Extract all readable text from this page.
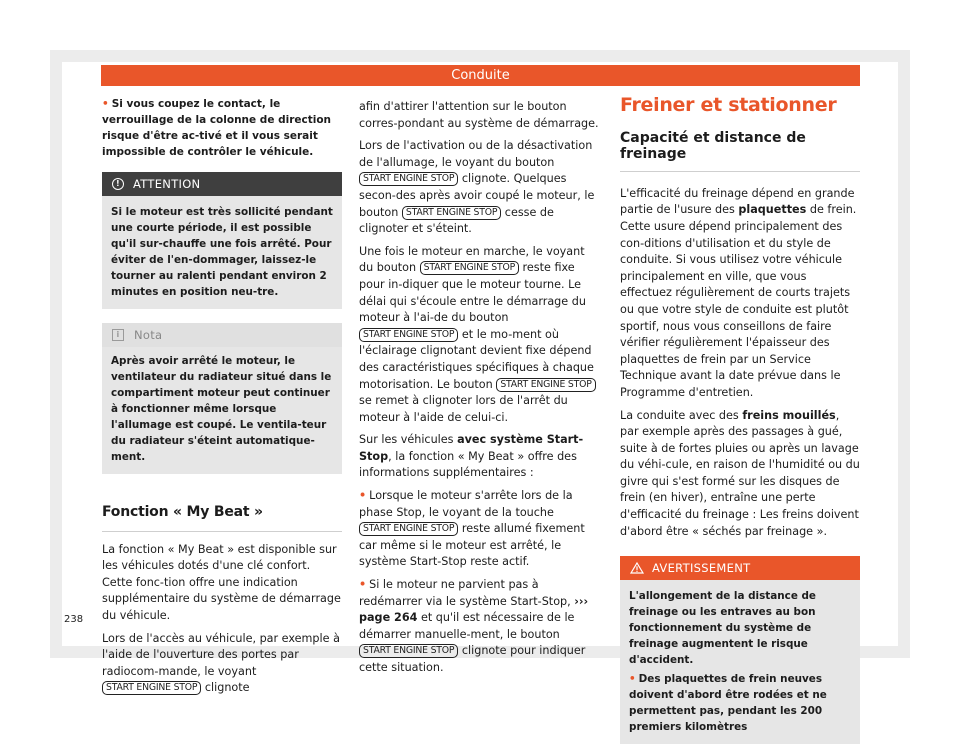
Conduite

• Si vous coupez le contact, le verrouillage de la colonne de direction risque d'être ac-tivé et il vous serait impossible de contrôler le véhicule.

!	ATTENTION
Si le moteur est très sollicité pendant une courte période, il est possible qu'il sur-chauffe une fois arrêté. Pour éviter de l'en-dommager, laissez-le tourner au ralenti pendant environ 2 minutes en position neu-tre.
i	Nota
Après avoir arrêté le moteur, le ventilateur du radiateur situé dans le compartiment moteur peut continuer à fonctionner même lorsque l'allumage est coupé. Le ventila-teur du radiateur s'éteint automatique-ment.
Fonction « My Beat »

La fonction « My Beat » est disponible sur les véhicules dotés d'une clé confort. Cette fonc-tion offre une indication supplémentaire du système de démarrage du véhicule.

Lors de l'accès au véhicule, par exemple à l'aide de l'ouverture des portes par radiocom-mande, le voyant START ENGINE STOP clignote

afin d'attirer l'attention sur le bouton corres-pondant au système de démarrage.

Lors de l'activation ou de la désactivation de l'allumage, le voyant du bouton START ENGINE STOP clignote. Quelques secon-des après avoir coupé le moteur, le bouton START ENGINE STOP cesse de clignoter et s'éteint.

Une fois le moteur en marche, le voyant du bouton START ENGINE STOP reste fixe pour in-diquer que le moteur tourne. Le délai qui s'écoule entre le démarrage du moteur à l'ai-de du bouton START ENGINE STOP et le mo-ment où l'éclairage clignotant devient fixe dépend des caractéristiques spécifiques à chaque motorisation. Le bouton START ENGINE STOP se remet à clignoter lors de l'arrêt du moteur à l'aide de celui-ci.

Sur les véhicules avec système Start-Stop, la fonction « My Beat » offre des informations supplémentaires :

• Lorsque le moteur s'arrête lors de la phase Stop, le voyant de la touche START ENGINE STOP reste allumé fixement car même si le moteur est arrêté, le système Start-Stop reste actif.

• Si le moteur ne parvient pas à redémarrer via le système Start-Stop, ››› page 264 et qu'il est nécessaire de le démarrer manuelle-ment, le bouton START ENGINE STOP clignote pour indiquer cette situation.

Freiner et stationner
Capacité et distance de freinage

L'efficacité du freinage dépend en grande partie de l'usure des plaquettes de frein. Cette usure dépend principalement des con-ditions d'utilisation et du style de conduite. Si vous utilisez votre véhicule principalement en ville, que vous effectuez régulièrement de courts trajets ou que votre style de conduite est plutôt sportif, nous vous conseillons de faire vérifier régulièrement l'épaisseur des plaquettes de frein par un Service Technique avant la date prévue dans le Programme d'entretien.

La conduite avec des freins mouillés, par exemple après des passages à gué, suite à de fortes pluies ou après un lavage du véhi-cule, en raison de l'humidité ou du givre qui s'est formé sur les disques de frein (en hiver), entraîne une perte d'efficacité du freinage : Les freins doivent d'abord être « séchés par freinage ».

AVERTISSEMENT
L'allongement de la distance de freinage ou les entraves au bon fonctionnement du système de freinage augmentent le risque d'accident.
• Des plaquettes de frein neuves doivent d'abord être rodées et ne permettent pas, pendant les 200 premiers kilomètres
238
